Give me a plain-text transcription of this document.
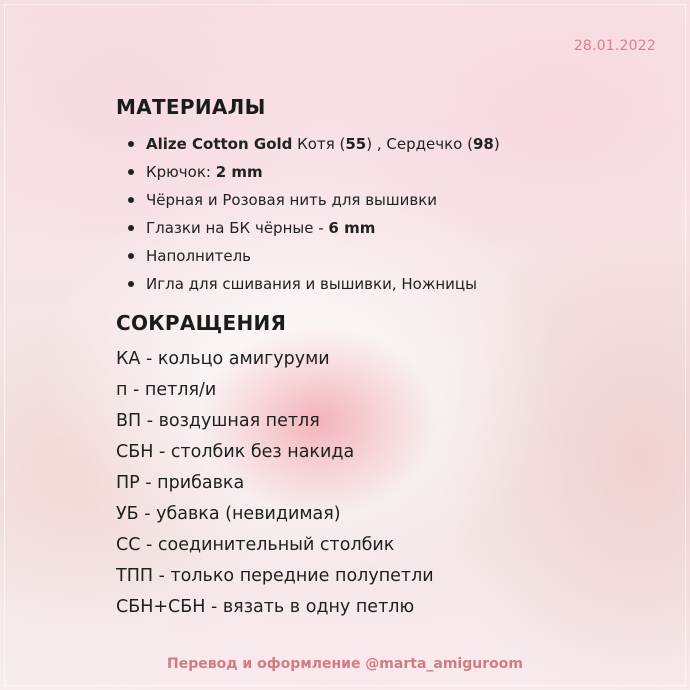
28.01.2022
МАТЕРИАЛЫ
Alize Cotton Gold Котя (55) , Сердечко (98)
Крючок: 2 mm
Чёрная и Розовая нить для вышивки
Глазки на БК чёрные - 6 mm
Наполнитель
Игла для сшивания и вышивки, Ножницы
СОКРАЩЕНИЯ
КА - кольцо амигуруми
п - петля/и
ВП - воздушная петля
СБН - столбик без накида
ПР - прибавка
УБ - убавка (невидимая)
СС - соединительный столбик
ТПП - только передние полупетли
СБН+СБН - вязать в одну петлю
Перевод и оформление @marta_amiguroom
